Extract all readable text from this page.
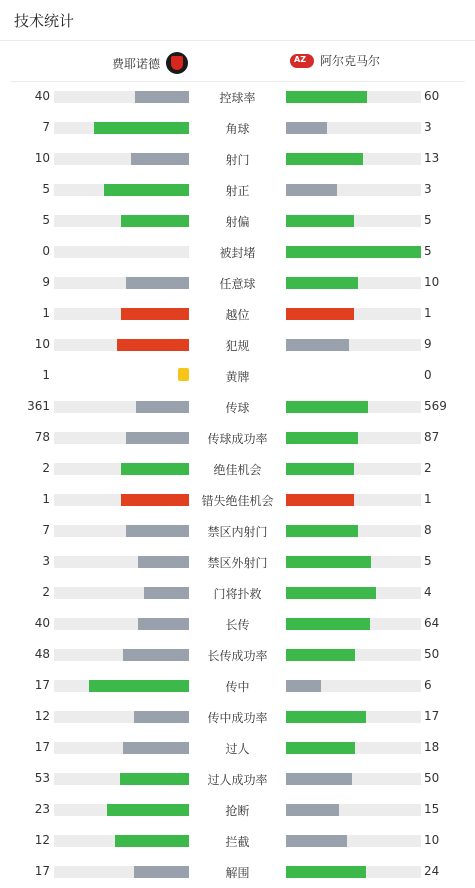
技术统计
费耶诺德
AZ	阿尔克马尔
40	控球率	60
7	角球	3
10	射门	13
5	射正	3
5	射偏	5
0	被封堵	5
9	任意球	10
1	越位	1
10	犯规	9
1	黄牌	0
361	传球	569
78	传球成功率	87
2	绝佳机会	2
1	错失绝佳机会	1
7	禁区内射门	8
3	禁区外射门	5
2	门将扑救	4
40	长传	64
48	长传成功率	50
17	传中	6
12	传中成功率	17
17	过人	18
53	过人成功率	50
23	抢断	15
12	拦截	10
17	解围	24
